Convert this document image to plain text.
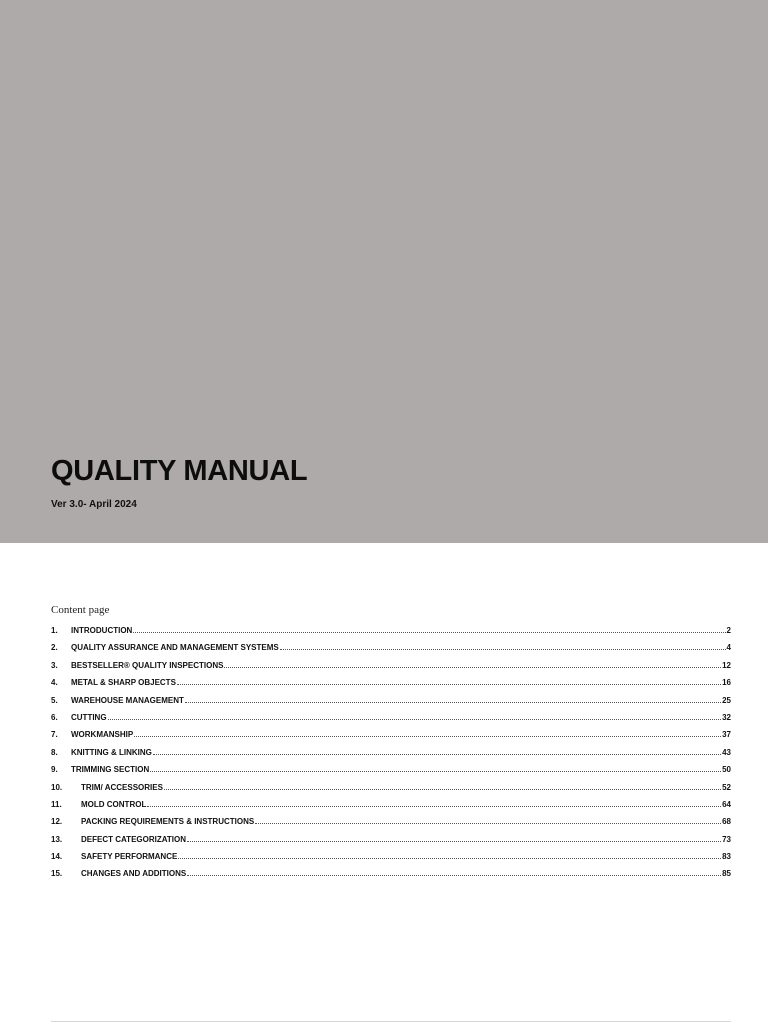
QUALITY MANUAL
Ver 3.0- April 2024
Content page
1.	INTRODUCTION	2
2.	QUALITY ASSURANCE AND MANAGEMENT SYSTEMS	4
3.	BESTSELLER® QUALITY INSPECTIONS	12
4.	METAL & SHARP OBJECTS	16
5.	WAREHOUSE MANAGEMENT	25
6.	CUTTING	32
7.	WORKMANSHIP	37
8.	KNITTING & LINKING	43
9.	TRIMMING SECTION	50
10.	TRIM/ ACCESSORIES	52
11.	MOLD CONTROL	64
12.	PACKING REQUIREMENTS & INSTRUCTIONS	68
13.	DEFECT CATEGORIZATION	73
14.	SAFETY PERFORMANCE	83
15.	CHANGES AND ADDITIONS	85
